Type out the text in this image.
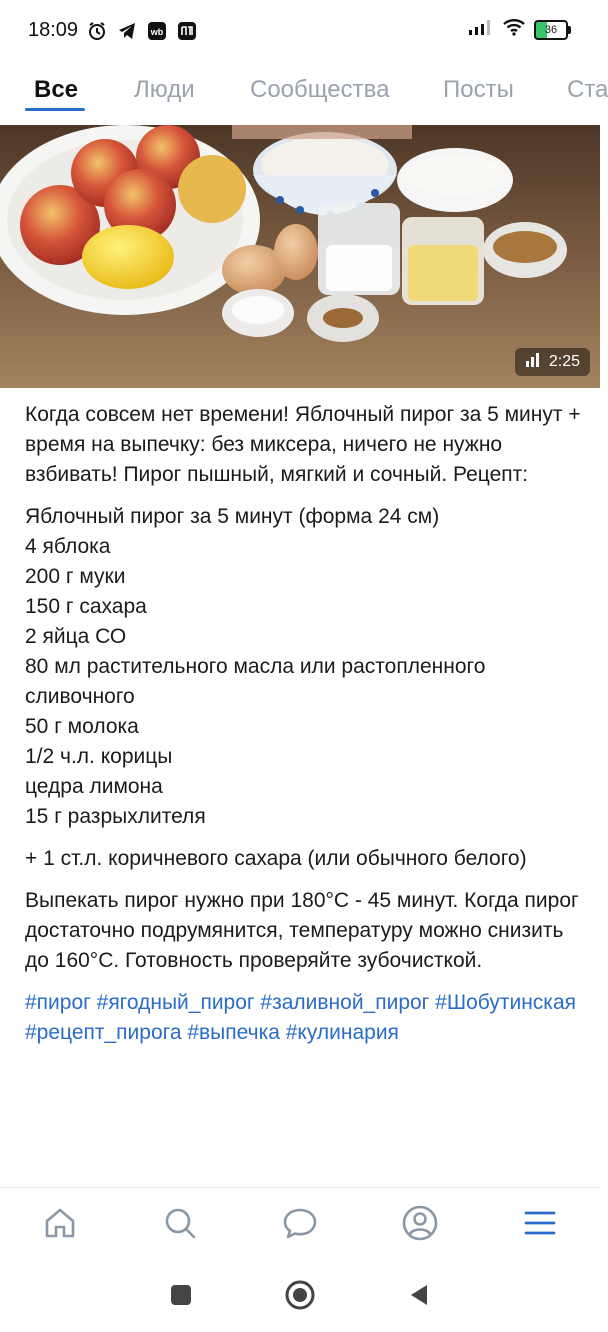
18:09	wb	36
Все Люди Сообщества Посты Ста
2:25

Когда совсем нет времени! Яблочный пирог за 5 минут + время на выпечку: без миксера, ничего не нужно взбивать! Пирог пышный, мягкий и сочный. Рецепт:

Яблочный пирог за 5 минут (форма 24 см)
4 яблока
200 г муки
150 г сахара
2 яйца СО
80 мл растительного масла или растопленного сливочного
50 г молока
1/2 ч.л. корицы
цедра лимона
15 г разрыхлителя

+ 1 ст.л. коричневого сахара (или обычного белого)

Выпекать пирог нужно при 180°С - 45 минут. Когда пирог достаточно подрумянится, температуру можно снизить до 160°С. Готовность проверяйте зубочисткой.

#пирог #ягодный_пирог #заливной_пирог #Шобутинская #рецепт_пирога #выпечка #кулинария
